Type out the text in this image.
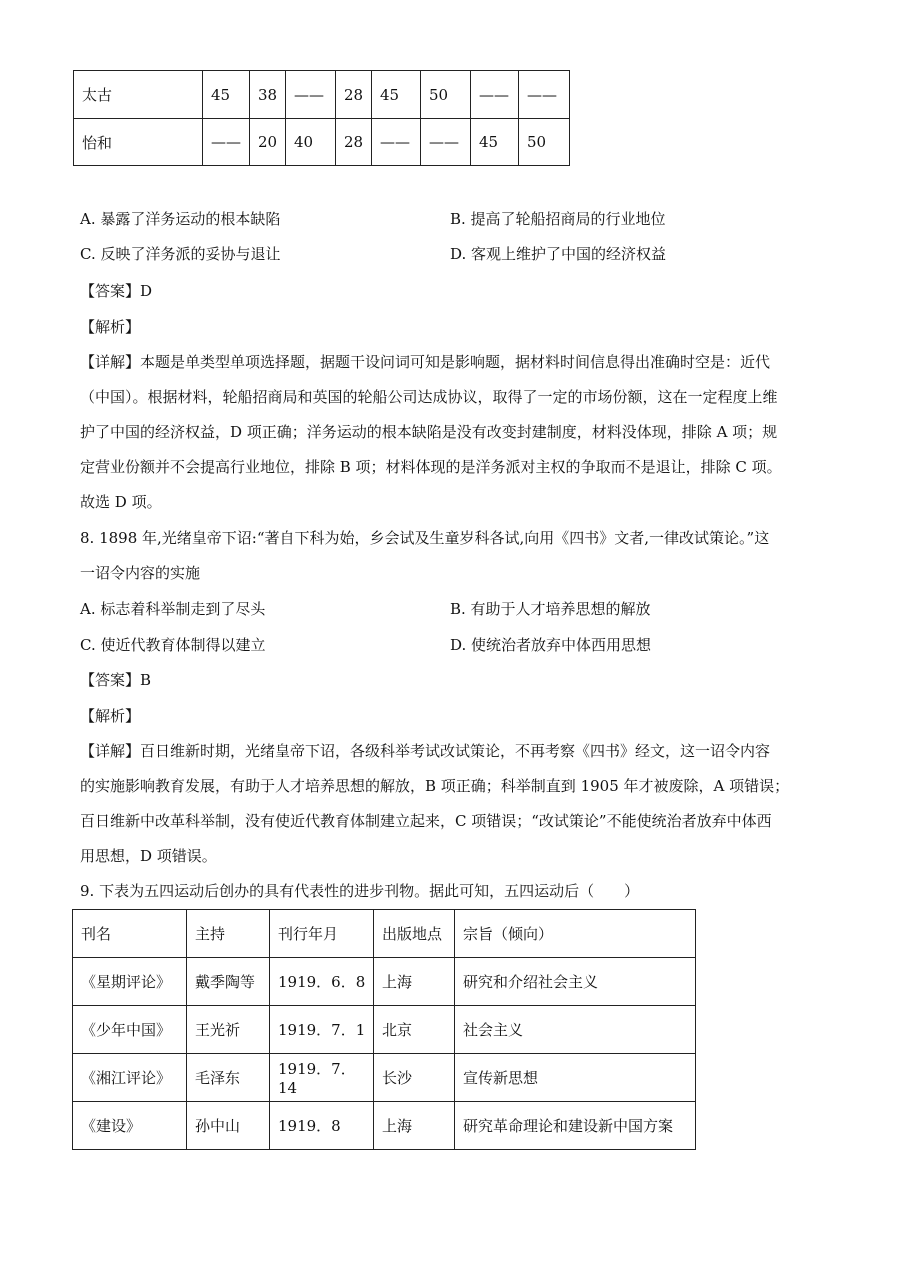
太古	45	38	——	28	45	50	——	——
怡和	——	20	40	28	——	——	45	50
A. 暴露了洋务运动的根本缺陷	B. 提高了轮船招商局的行业地位
C. 反映了洋务派的妥协与退让	D. 客观上维护了中国的经济权益
【答案】D
【解析】
【详解】本题是单类型单项选择题，据题干设问词可知是影响题，据材料时间信息得出准确时空是：近代
（中国）。根据材料，轮船招商局和英国的轮船公司达成协议，取得了一定的市场份额，这在一定程度上维
护了中国的经济权益，D 项正确；洋务运动的根本缺陷是没有改变封建制度，材料没体现，排除 A 项；规
定营业份额并不会提高行业地位，排除 B 项；材料体现的是洋务派对主权的争取而不是退让，排除 C 项。
故选 D 项。
8. 1898 年,光绪皇帝下诏:“著自下科为始，乡会试及生童岁科各试,向用《四书》文者,一律改试策论。”这
一诏令内容的实施
A. 标志着科举制走到了尽头	B. 有助于人才培养思想的解放
C. 使近代教育体制得以建立	D. 使统治者放弃中体西用思想
【答案】B
【解析】
【详解】百日维新时期，光绪皇帝下诏，各级科举考试改试策论，不再考察《四书》经文，这一诏令内容
的实施影响教育发展，有助于人才培养思想的解放，B 项正确；科举制直到 1905 年才被废除，A 项错误；
百日维新中改革科举制，没有使近代教育体制建立起来，C 项错误；“改试策论”不能使统治者放弃中体西
用思想，D 项错误。
9. 下表为五四运动后创办的具有代表性的进步刊物。据此可知，五四运动后（　　）
刊名	主持	刊行年月	出版地点	宗旨（倾向）
《星期评论》	戴季陶等	1919．6．8	上海	研究和介绍社会主义
《少年中国》	王光祈	1919．7．1	北京	社会主义
《湘江评论》	毛泽东	1919．7．14	长沙	宣传新思想
《建设》	孙中山	1919．8	上海	研究革命理论和建设新中国方案
